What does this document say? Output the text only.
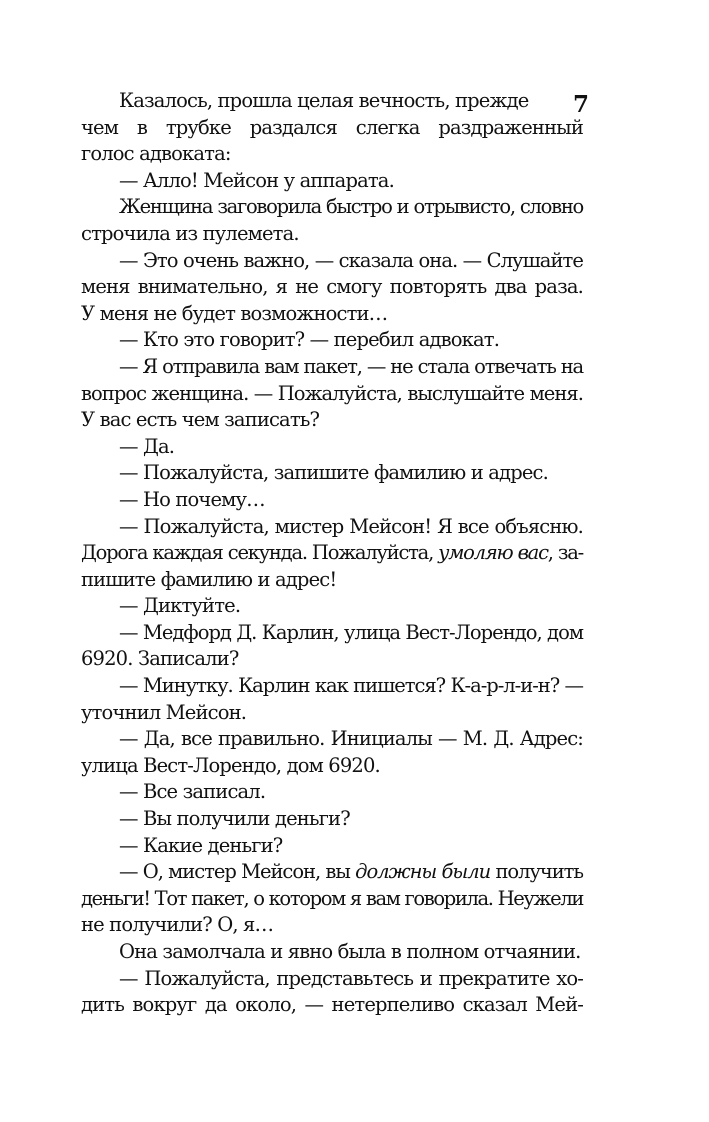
7
Казалось, прошла целая вечность, прежде
чем в трубке раздался слегка раздраженный
голос адвоката:
— Алло! Мейсон у аппарата.
Женщина заговорила быстро и отрывисто, словно
строчила из пулемета.
— Это очень важно, — сказала она. — Слушайте
меня внимательно, я не смогу повторять два раза.
У меня не будет возможности…
— Кто это говорит? — перебил адвокат.
— Я отправила вам пакет, — не стала отвечать на
вопрос женщина. — Пожалуйста, выслушайте меня.
У вас есть чем записать?
— Да.
— Пожалуйста, запишите фамилию и адрес.
— Но почему…
— Пожалуйста, мистер Мейсон! Я все объясню.
Дорога каждая секунда. Пожалуйста, умоляю вас, за-
пишите фамилию и адрес!
— Диктуйте.
— Медфорд Д. Карлин, улица Вест-Лорендо, дом
6920. Записали?
— Минутку. Карлин как пишется? К-а-р-л-и-н? —
уточнил Мейсон.
— Да, все правильно. Инициалы — М. Д. Адрес:
улица Вест-Лорендо, дом 6920.
— Все записал.
— Вы получили деньги?
— Какие деньги?
— О, мистер Мейсон, вы должны были получить
деньги! Тот пакет, о котором я вам говорила. Неужели
не получили? О, я…
Она замолчала и явно была в полном отчаянии.
— Пожалуйста, представьтесь и прекратите хо-
дить вокруг да около, — нетерпеливо сказал Мей-
